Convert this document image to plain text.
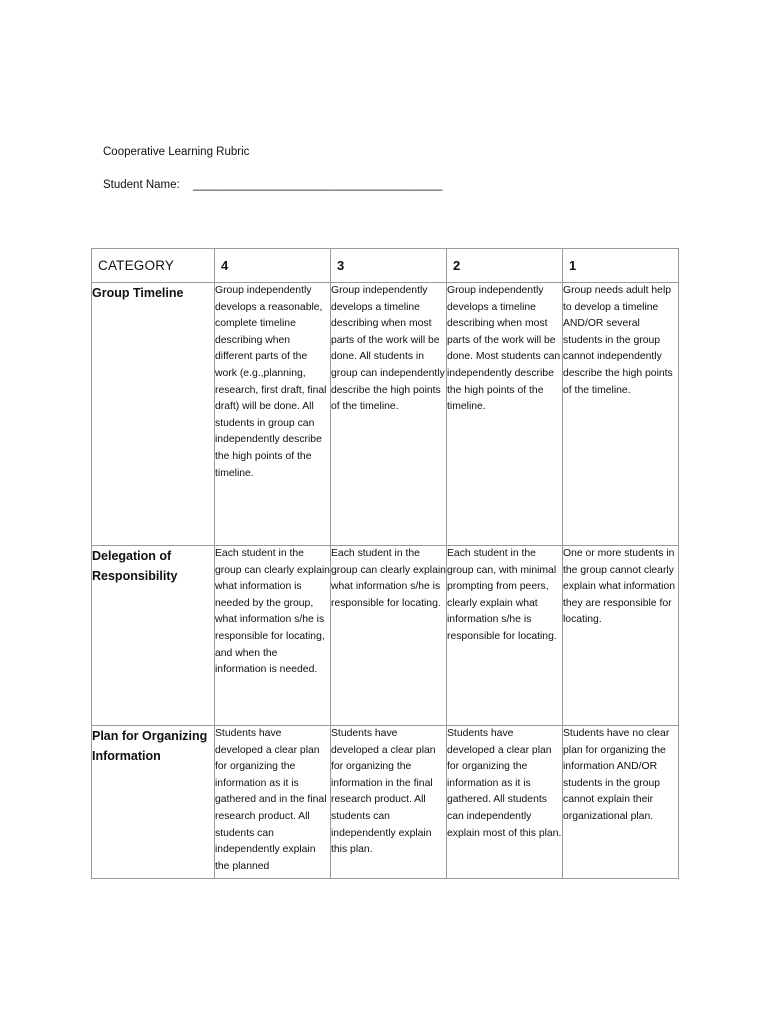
Cooperative Learning Rubric
Student Name: _______________________________________
CATEGORY	4	3	2	1
Group Timeline	Group independently develops a reasonable, complete timeline describing when different parts of the work (e.g.,planning, research, first draft, final draft) will be done. All students in group can independently describe the high points of the timeline.	Group independently develops a timeline describing when most parts of the work will be done. All students in group can independently describe the high points of the timeline.	Group independently develops a timeline describing when most parts of the work will be done. Most students can independently describe the high points of the timeline.	Group needs adult help to develop a timeline AND/OR several students in the group cannot independently describe the high points of the timeline.
Delegation of Responsibility	Each student in the group can clearly explain what information is needed by the group, what information s/he is responsible for locating, and when the information is needed.	Each student in the group can clearly explain what information s/he is responsible for locating.	Each student in the group can, with minimal prompting from peers, clearly explain what information s/he is responsible for locating.	One or more students in the group cannot clearly explain what information they are responsible for locating.
Plan for Organizing Information	Students have developed a clear plan for organizing the information as it is gathered and in the final research product. All students can independently explain the planned	Students have developed a clear plan for organizing the information in the final research product. All students can independently explain this plan.	Students have developed a clear plan for organizing the information as it is gathered. All students can independently explain most of this plan.	Students have no clear plan for organizing the information AND/OR students in the group cannot explain their organizational plan.
